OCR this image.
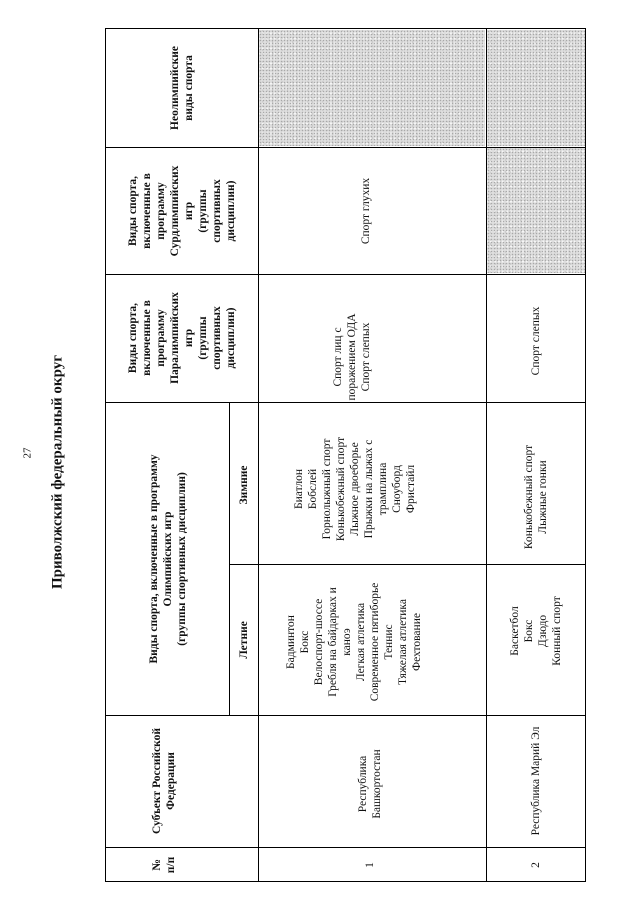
27 Приволжский федеральный округ
Неолимпийские виды спорта
Виды спорта, включенные в программу Сурдлимпийских игр (группы спортивных дисциплин)
Виды спорта, включенные в программу Паралимпийских игр (группы спортивных дисциплин)
Виды спорта, включенные в программу Олимпийских игр (группы спортивных дисциплин)	Зимние
Летние
Субъект Российской Федерации
№ п/п
Спорт глухих
Спорт лиц с поражением ОДА Спорт слепых
Биатлон Бобслей Горнолыжный спорт Конькобежный спорт Лыжное двоеборье Прыжки на лыжах с трамплина Сноуборд Фристайл
Бадминтон Бокс Велоспорт-шоссе Гребля на байдарках и каноэ Легкая атлетика Современное пятиборье Теннис Тяжелая атлетика Фехтование
Республика Башкортостан
1
Спорт слепых
Конькобежный спорт Лыжные гонки
Баскетбол Бокс Дзюдо Конный спорт
Республика Марий Эл
2
